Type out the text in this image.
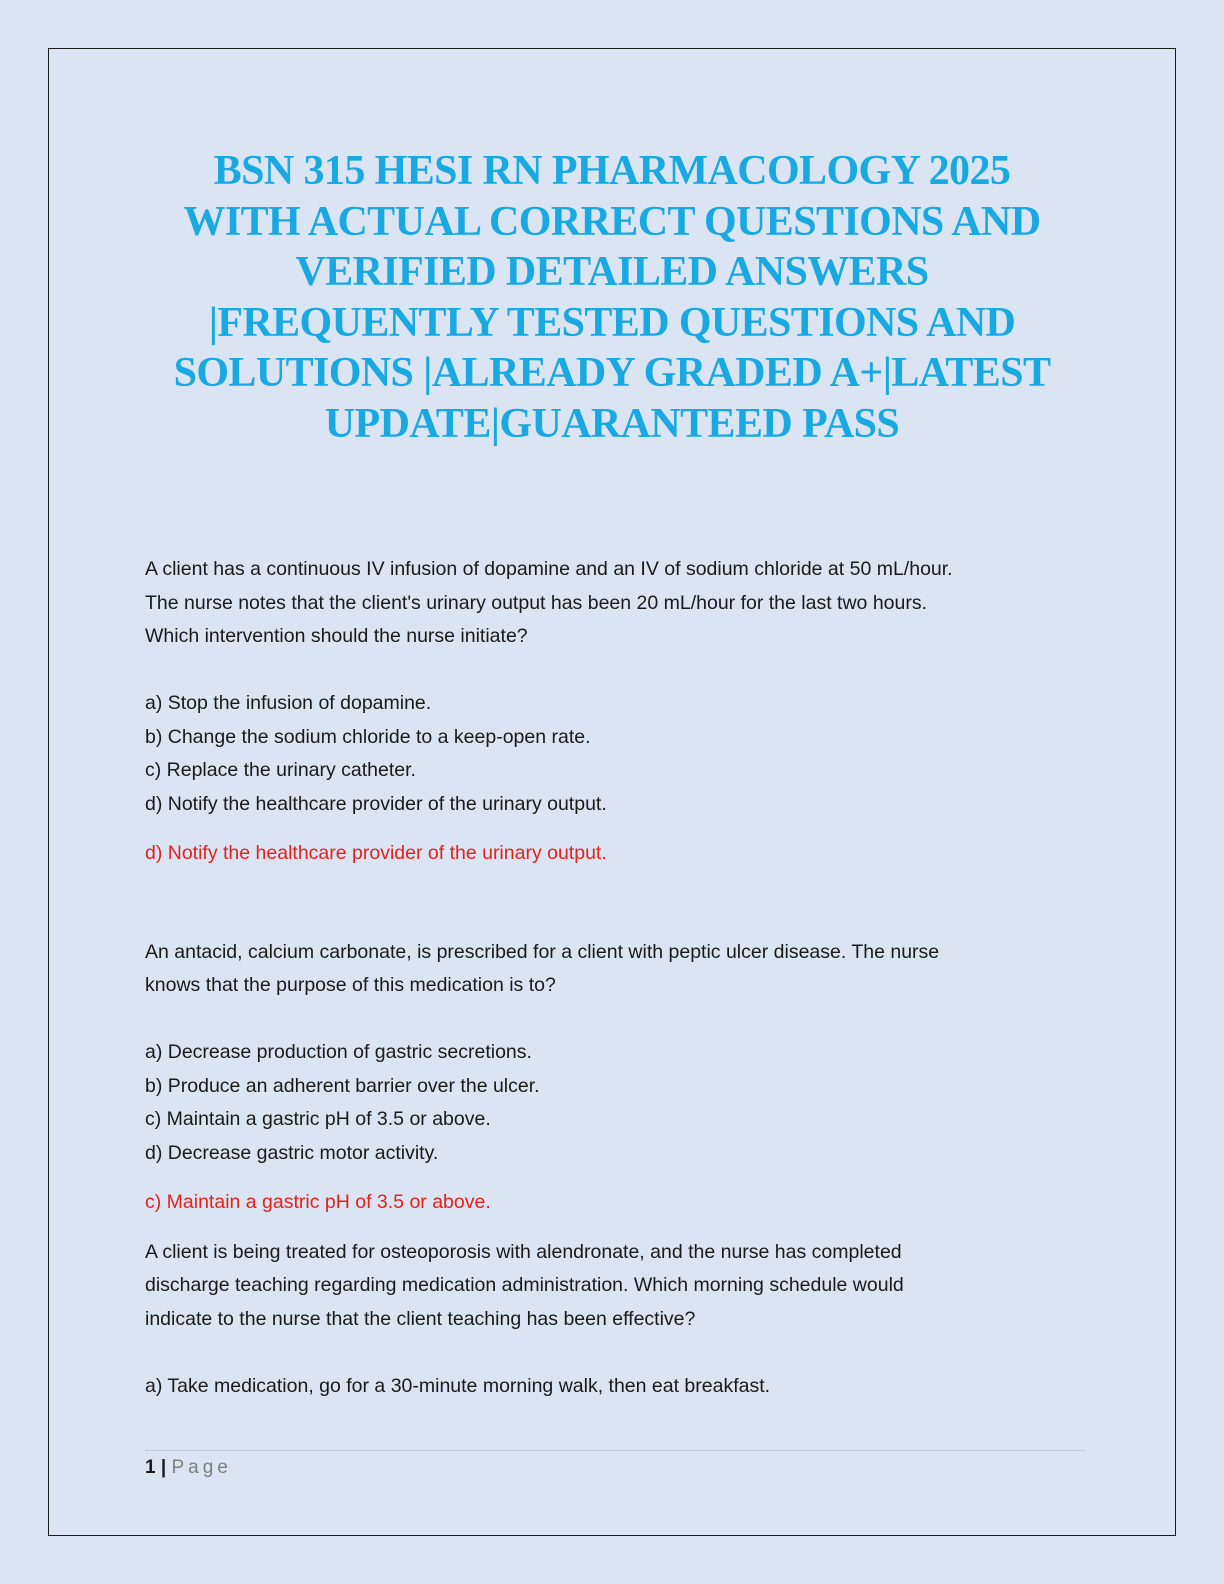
BSN 315 HESI RN PHARMACOLOGY 2025
WITH ACTUAL CORRECT QUESTIONS AND
VERIFIED DETAILED ANSWERS
|FREQUENTLY TESTED QUESTIONS AND
SOLUTIONS |ALREADY GRADED A+|LATEST
UPDATE|GUARANTEED PASS

A client has a continuous IV infusion of dopamine and an IV of sodium chloride at 50 mL/hour.

The nurse notes that the client's urinary output has been 20 mL/hour for the last two hours.

Which intervention should the nurse initiate?

a) Stop the infusion of dopamine.

b) Change the sodium chloride to a keep-open rate.

c) Replace the urinary catheter.

d) Notify the healthcare provider of the urinary output.

d) Notify the healthcare provider of the urinary output.

An antacid, calcium carbonate, is prescribed for a client with peptic ulcer disease. The nurse

knows that the purpose of this medication is to?

a) Decrease production of gastric secretions.

b) Produce an adherent barrier over the ulcer.

c) Maintain a gastric pH of 3.5 or above.

d) Decrease gastric motor activity.

c) Maintain a gastric pH of 3.5 or above.

A client is being treated for osteoporosis with alendronate, and the nurse has completed

discharge teaching regarding medication administration. Which morning schedule would

indicate to the nurse that the client teaching has been effective?

a) Take medication, go for a 30-minute morning walk, then eat breakfast.

1 | Page
